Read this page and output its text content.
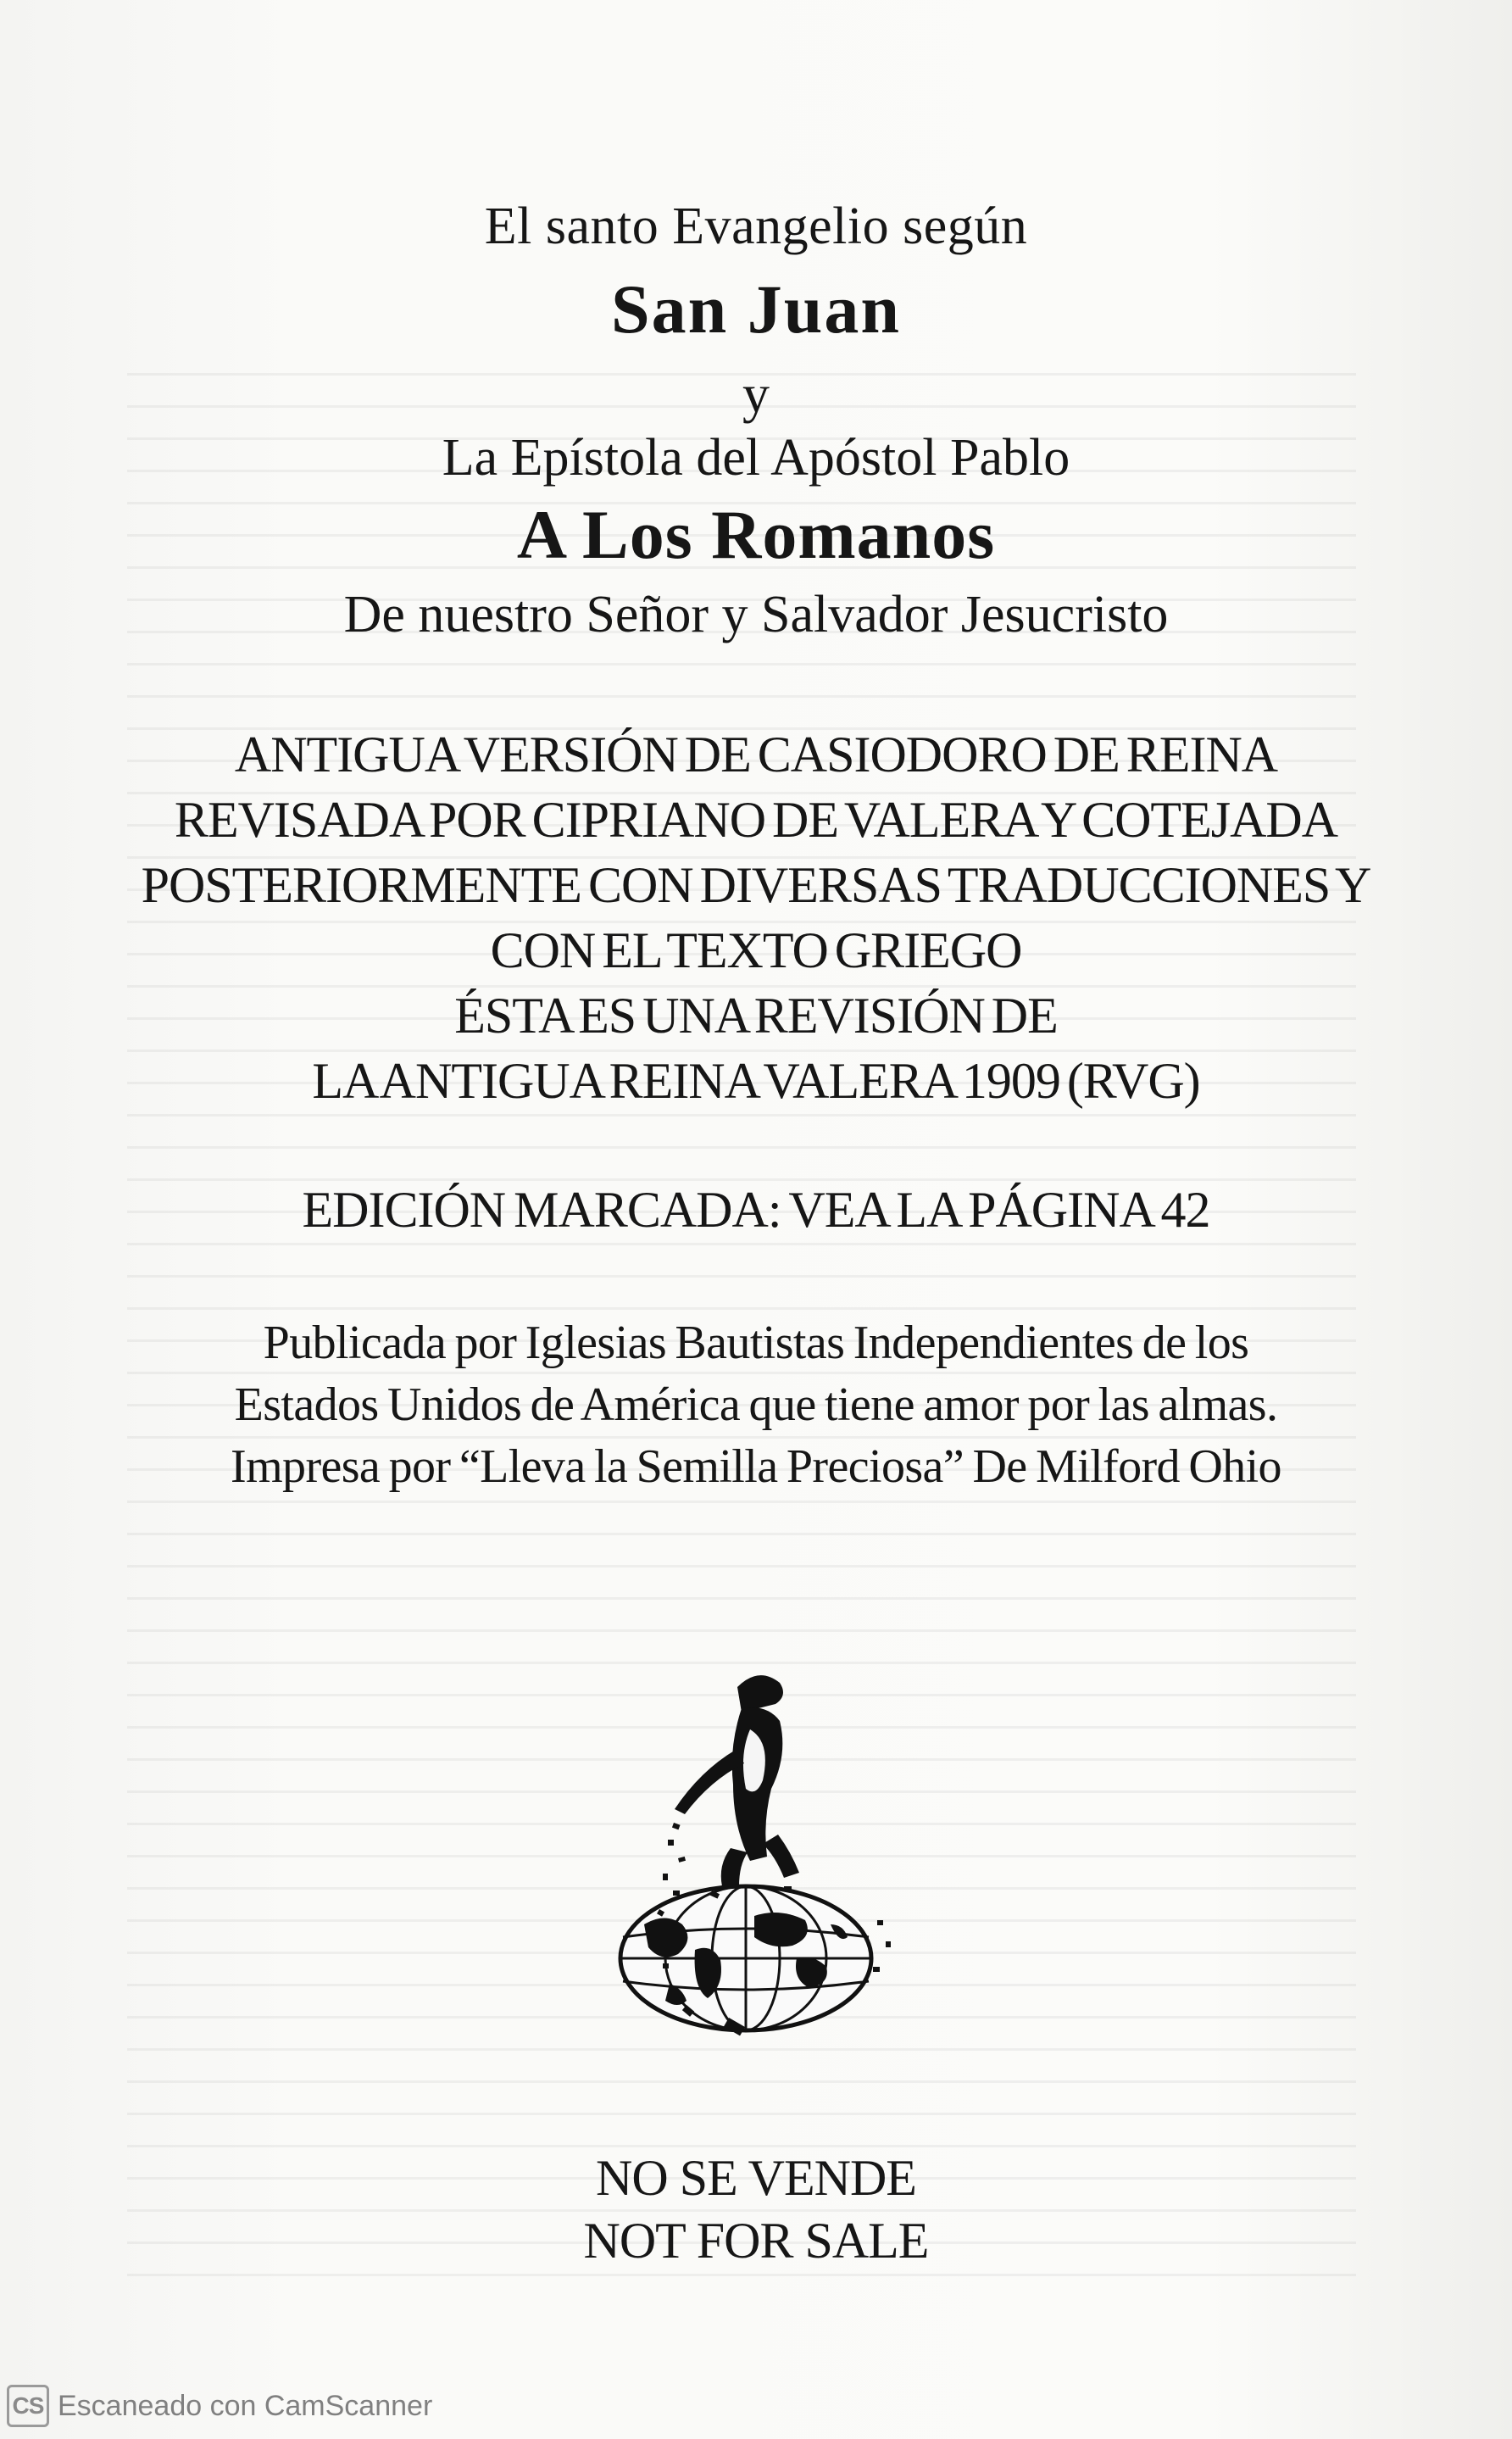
El santo Evangelio según
San Juan
y
La Epístola del Apóstol Pablo
A Los Romanos
De nuestro Señor y Salvador Jesucristo
ANTIGUA VERSIÓN DE CASIODORO DE REINA
REVISADA POR CIPRIANO DE VALERA Y COTEJADA
POSTERIORMENTE CON DIVERSAS TRADUCCIONES Y
CON EL TEXTO GRIEGO
ÉSTA ES UNA REVISIÓN DE
LA ANTIGUA REINA VALERA 1909 (RVG)
EDICIÓN MARCADA: VEA LA PÁGINA 42
Publicada por Iglesias Bautistas Independientes de los
Estados Unidos de América que tiene amor por las almas.
Impresa por “Lleva la Semilla Preciosa” De Milford Ohio
NO SE VENDE
NOT FOR SALE
CS Escaneado con CamScanner
